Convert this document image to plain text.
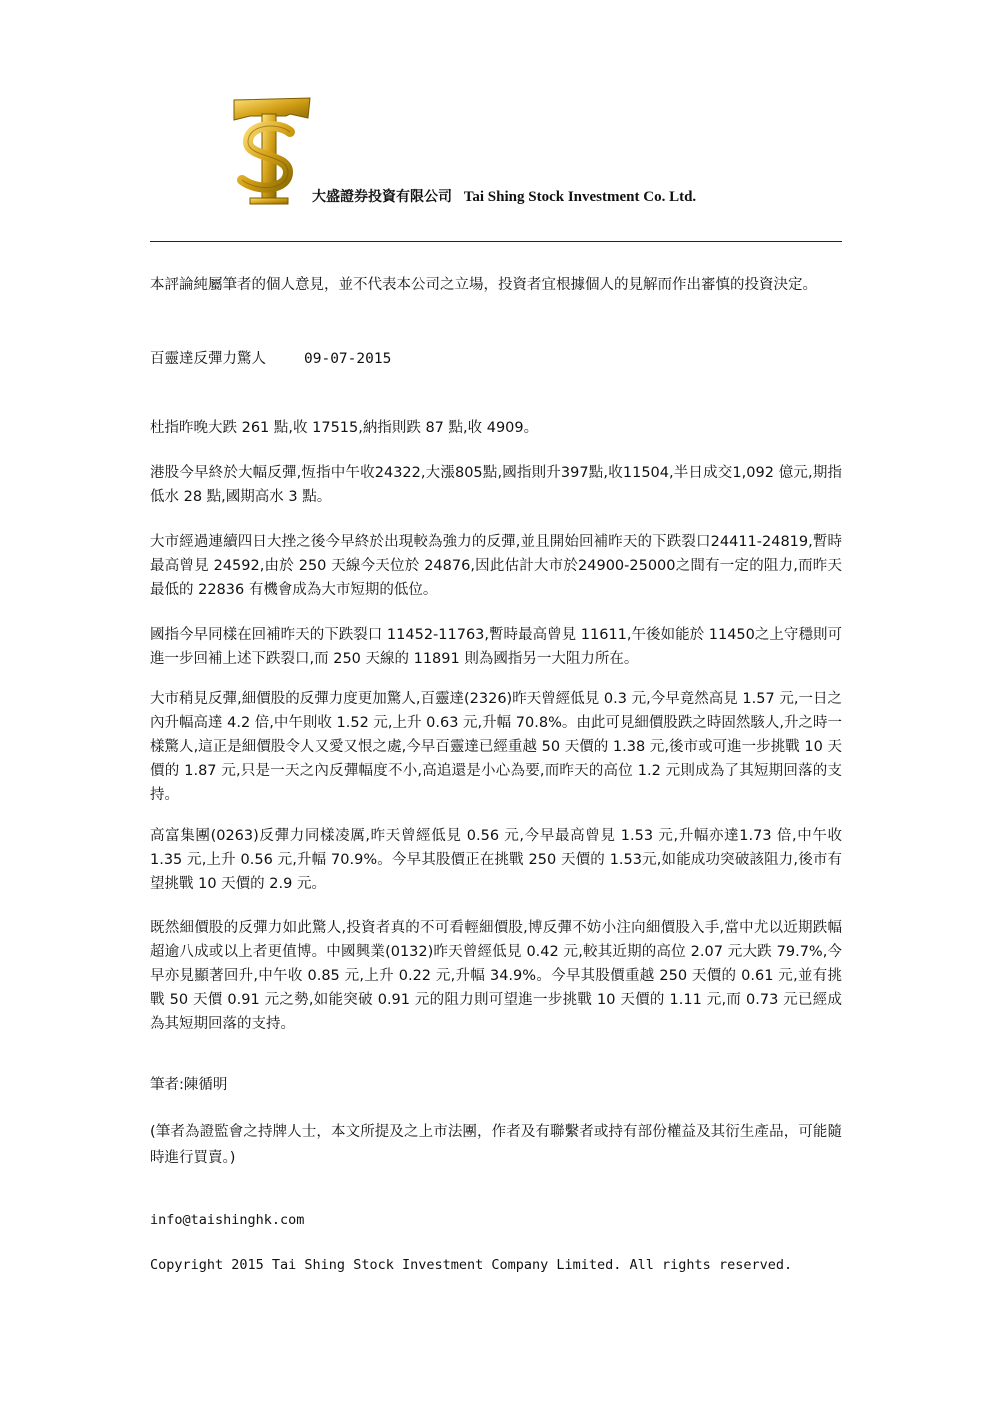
大盛證券投資有限公司 Tai Shing Stock Investment Co. Ltd.
本評論純屬筆者的個人意見，並不代表本公司之立場，投資者宜根據個人的見解而作出審慎的投資決定。
百靈達反彈力驚人	09-07-2015
杜指昨晚大跌 261 點,收 17515,納指則跌 87 點,收 4909。
港股今早終於大幅反彈,恆指中午收24322,大漲805點,國指則升397點,收11504,半日成交1,092 億元,期指低水 28 點,國期高水 3 點。
大市經過連續四日大挫之後今早終於出現較為強力的反彈,並且開始回補昨天的下跌裂口24411-24819,暫時最高曾見 24592,由於 250 天線今天位於 24876,因此估計大市於24900-25000之間有一定的阻力,而昨天最低的 22836 有機會成為大市短期的低位。
國指今早同樣在回補昨天的下跌裂口 11452-11763,暫時最高曾見 11611,午後如能於 11450之上守穩則可進一步回補上述下跌裂口,而 250 天線的 11891 則為國指另一大阻力所在。
大市稍見反彈,細價股的反彈力度更加驚人,百靈達(2326)昨天曾經低見 0.3 元,今早竟然高見 1.57 元,一日之內升幅高達 4.2 倍,中午則收 1.52 元,上升 0.63 元,升幅 70.8%。由此可見細價股跌之時固然駭人,升之時一樣驚人,這正是細價股令人又愛又恨之處,今早百靈達已經重越 50 天價的 1.38 元,後市或可進一步挑戰 10 天價的 1.87 元,只是一天之內反彈幅度不小,高追還是小心為要,而昨天的高位 1.2 元則成為了其短期回落的支持。
高富集團(0263)反彈力同樣凌厲,昨天曾經低見 0.56 元,今早最高曾見 1.53 元,升幅亦達1.73 倍,中午收 1.35 元,上升 0.56 元,升幅 70.9%。今早其股價正在挑戰 250 天價的 1.53元,如能成功突破該阻力,後市有望挑戰 10 天價的 2.9 元。
既然細價股的反彈力如此驚人,投資者真的不可看輕細價股,博反彈不妨小注向細價股入手,當中尤以近期跌幅超逾八成或以上者更值博。中國興業(0132)昨天曾經低見 0.42 元,較其近期的高位 2.07 元大跌 79.7%,今早亦見顯著回升,中午收 0.85 元,上升 0.22 元,升幅 34.9%。今早其股價重越 250 天價的 0.61 元,並有挑戰 50 天價 0.91 元之勢,如能突破 0.91 元的阻力則可望進一步挑戰 10 天價的 1.11 元,而 0.73 元已經成為其短期回落的支持。
筆者:陳循明
(筆者為證監會之持牌人士，本文所提及之上市法團，作者及有聯繫者或持有部份權益及其衍生產品，可能隨時進行買賣。)
info@taishinghk.com
Copyright 2015 Tai Shing Stock Investment Company Limited. All rights reserved.
